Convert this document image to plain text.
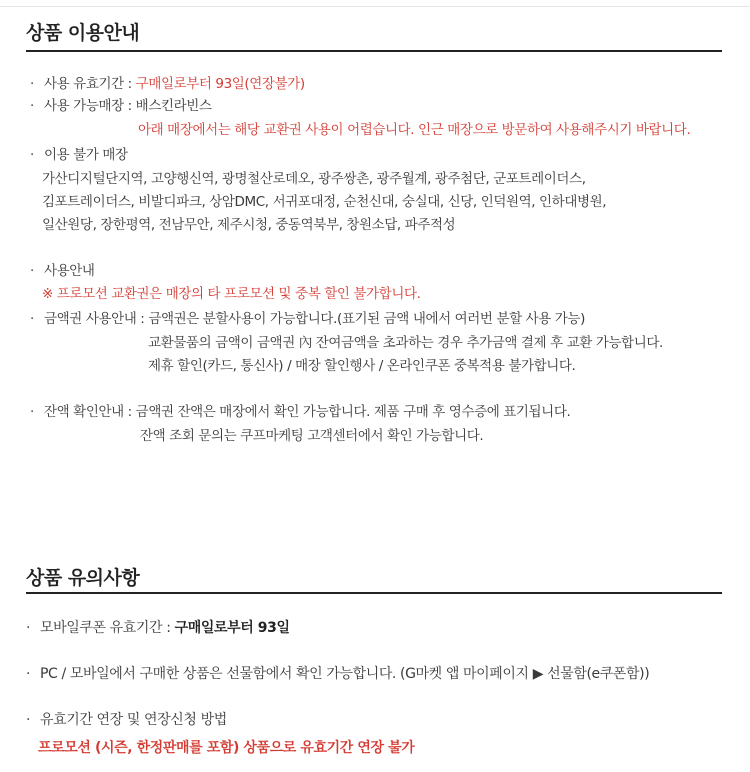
상품 이용안내
· 사용 유효기간 : 구매일로부터 93일(연장불가)
· 사용 가능매장 : 배스킨라빈스
아래 매장에서는 해당 교환권 사용이 어렵습니다. 인근 매장으로 방문하여 사용해주시기 바랍니다.
· 이용 불가 매장
가산디지털단지역, 고양행신역, 광명철산로데오, 광주쌍촌, 광주월계, 광주첨단, 군포트레이더스,
김포트레이더스, 비발디파크, 상암DMC, 서귀포대정, 순천신대, 숭실대, 신당, 인덕원역, 인하대병원,
일산원당, 장한평역, 전남무안, 제주시청, 중동역북부, 창원소답, 파주적성
· 사용안내
※ 프로모션 교환권은 매장의 타 프로모션 및 중복 할인 불가합니다.
· 금액권 사용안내 : 금액권은 분할사용이 가능합니다.(표기된 금액 내에서 여러번 분할 사용 가능)
교환물품의 금액이 금액권 內 잔여금액을 초과하는 경우 추가금액 결제 후 교환 가능합니다.
제휴 할인(카드, 통신사) / 매장 할인행사 / 온라인쿠폰 중복적용 불가합니다.
· 잔액 확인안내 : 금액권 잔액은 매장에서 확인 가능합니다. 제품 구매 후 영수증에 표기됩니다.
잔액 조회 문의는 쿠프마케팅 고객센터에서 확인 가능합니다.
상품 유의사항
· 모바일쿠폰 유효기간 : 구매일로부터 93일
· PC / 모바일에서 구매한 상품은 선물함에서 확인 가능합니다. (G마켓 앱 마이페이지 ▶ 선물함(e쿠폰함))
· 유효기간 연장 및 연장신청 방법
프로모션 (시즌, 한정판매를 포함) 상품으로 유효기간 연장 불가
